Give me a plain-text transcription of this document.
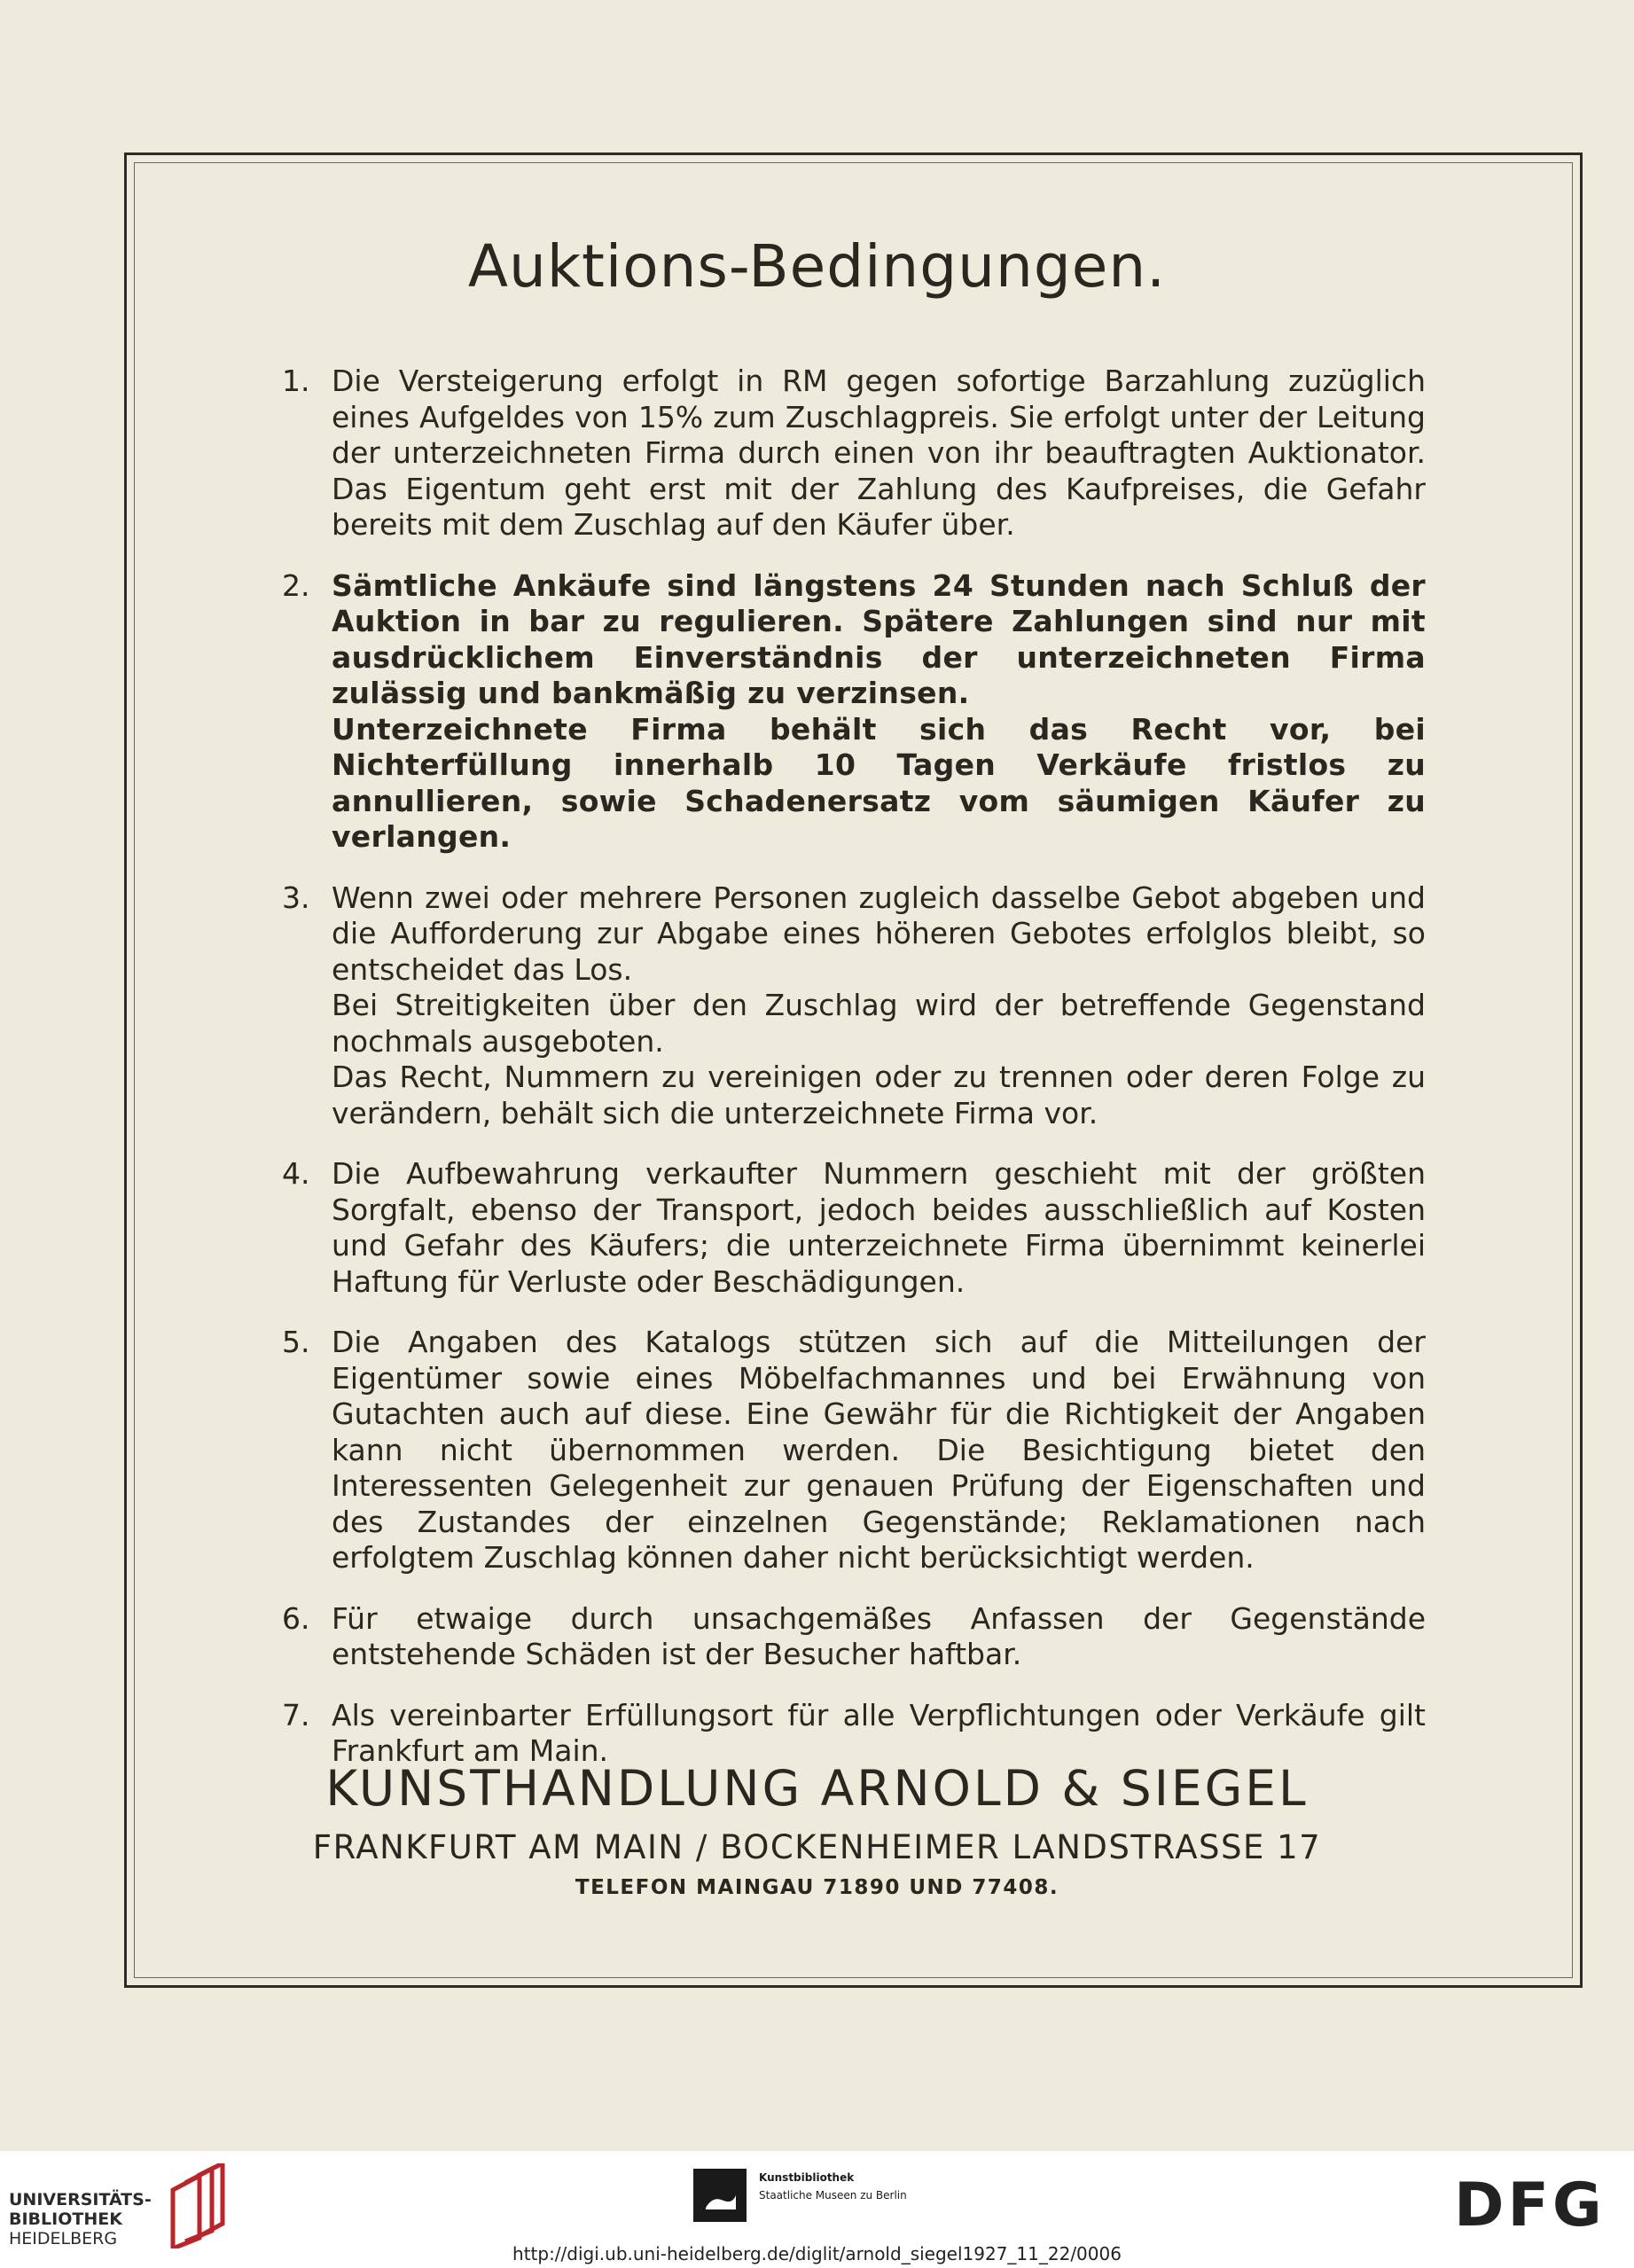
Auktions-Bedingungen.
1. Die Versteigerung erfolgt in RM gegen sofortige Barzahlung zuzüglich eines Aufgeldes von 15% zum Zuschlagpreis. Sie erfolgt unter der Leitung der unterzeichneten Firma durch einen von ihr beauftragten Auktionator. Das Eigentum geht erst mit der Zahlung des Kaufpreises, die Gefahr bereits mit dem Zuschlag auf den Käufer über.
2. Sämtliche Ankäufe sind längstens 24 Stunden nach Schluß der Auktion in bar zu regulieren. Spätere Zahlungen sind nur mit ausdrücklichem Einverständnis der unterzeichneten Firma zulässig und bankmäßig zu verzinsen.
Unterzeichnete Firma behält sich das Recht vor, bei Nichterfüllung innerhalb 10 Tagen Verkäufe fristlos zu annullieren, sowie Schadenersatz vom säumigen Käufer zu verlangen.
3. Wenn zwei oder mehrere Personen zugleich dasselbe Gebot abgeben und die Aufforderung zur Abgabe eines höheren Gebotes erfolglos bleibt, so entscheidet das Los.
Bei Streitigkeiten über den Zuschlag wird der betreffende Gegenstand nochmals ausgeboten.
Das Recht, Nummern zu vereinigen oder zu trennen oder deren Folge zu verändern, behält sich die unterzeichnete Firma vor.
4. Die Aufbewahrung verkaufter Nummern geschieht mit der größten Sorgfalt, ebenso der Transport, jedoch beides ausschließlich auf Kosten und Gefahr des Käufers; die unterzeichnete Firma übernimmt keinerlei Haftung für Verluste oder Beschädigungen.
5. Die Angaben des Katalogs stützen sich auf die Mitteilungen der Eigentümer sowie eines Möbelfachmannes und bei Erwähnung von Gutachten auch auf diese. Eine Gewähr für die Richtigkeit der Angaben kann nicht übernommen werden. Die Besichtigung bietet den Interessenten Gelegenheit zur genauen Prüfung der Eigenschaften und des Zustandes der einzelnen Gegenstände; Reklamationen nach erfolgtem Zuschlag können daher nicht berücksichtigt werden.
6. Für etwaige durch unsachgemäßes Anfassen der Gegenstände entstehende Schäden ist der Besucher haftbar.
7. Als vereinbarter Erfüllungsort für alle Verpflichtungen oder Verkäufe gilt Frankfurt am Main.
KUNSTHANDLUNG ARNOLD & SIEGEL
FRANKFURT AM MAIN / BOCKENHEIMER LANDSTRASSE 17
TELEFON MAINGAU 71890 UND 77408.
UNIVERSITÄTS-
BIBLIOTHEK
HEIDELBERG
Kunstbibliothek
Staatliche Museen zu Berlin	DFG
http://digi.ub.uni-heidelberg.de/diglit/arnold_siegel1927_11_22/0006
